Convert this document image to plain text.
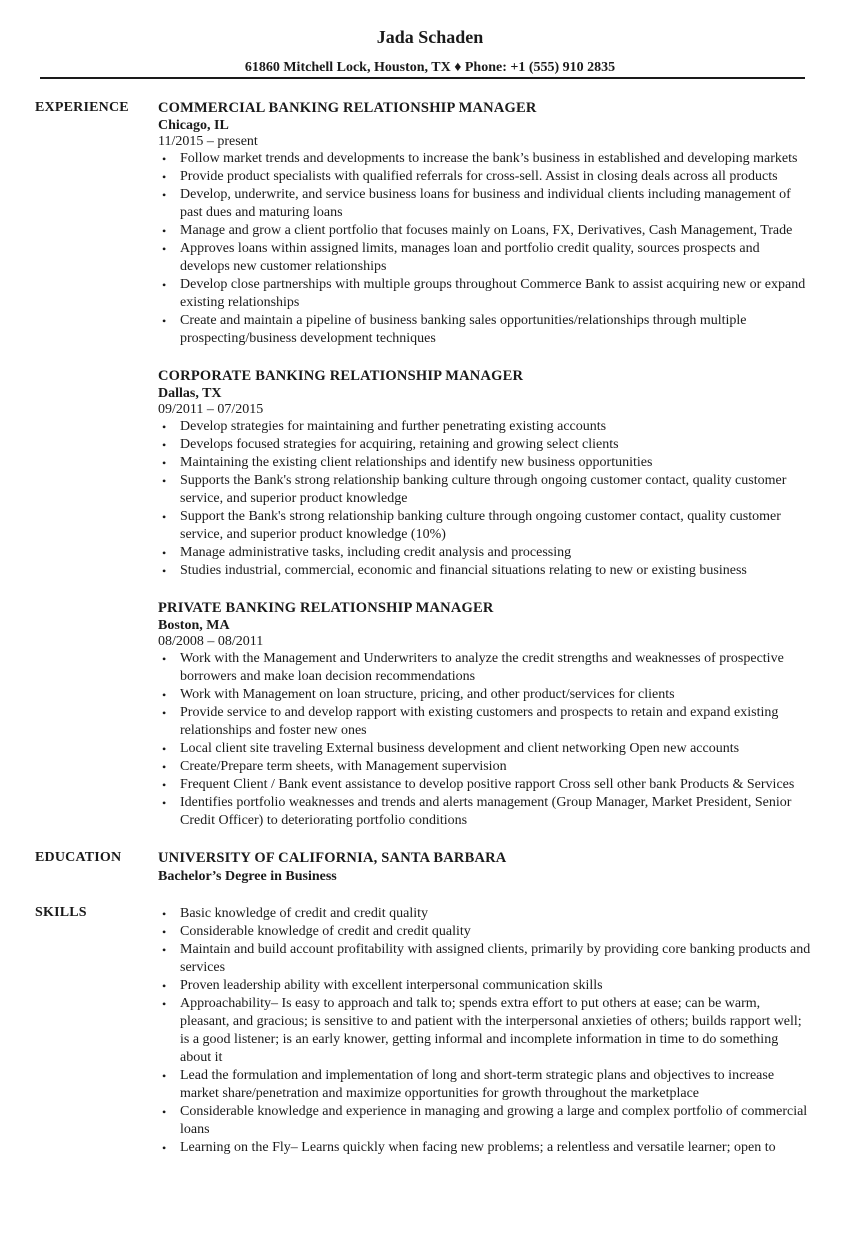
Jada Schaden
61860 Mitchell Lock, Houston, TX ♦ Phone: +1 (555) 910 2835
EXPERIENCE COMMERCIAL BANKING RELATIONSHIP MANAGER
Chicago, IL
11/2015 – present
• Follow market trends and developments to increase the bank’s business in established and developing markets
• Provide product specialists with qualified referrals for cross-sell. Assist in closing deals across all products
• Develop, underwrite, and service business loans for business and individual clients including management of past dues and maturing loans
• Manage and grow a client portfolio that focuses mainly on Loans, FX, Derivatives, Cash Management, Trade
• Approves loans within assigned limits, manages loan and portfolio credit quality, sources prospects and develops new customer relationships
• Develop close partnerships with multiple groups throughout Commerce Bank to assist acquiring new or expand existing relationships
• Create and maintain a pipeline of business banking sales opportunities/relationships through multiple prospecting/business development techniques
CORPORATE BANKING RELATIONSHIP MANAGER
Dallas, TX
09/2011 – 07/2015
• Develop strategies for maintaining and further penetrating existing accounts
• Develops focused strategies for acquiring, retaining and growing select clients
• Maintaining the existing client relationships and identify new business opportunities
• Supports the Bank's strong relationship banking culture through ongoing customer contact, quality customer service, and superior product knowledge
• Support the Bank's strong relationship banking culture through ongoing customer contact, quality customer service, and superior product knowledge (10%)
• Manage administrative tasks, including credit analysis and processing
• Studies industrial, commercial, economic and financial situations relating to new or existing business
PRIVATE BANKING RELATIONSHIP MANAGER
Boston, MA
08/2008 – 08/2011
• Work with the Management and Underwriters to analyze the credit strengths and weaknesses of prospective borrowers and make loan decision recommendations
• Work with Management on loan structure, pricing, and other product/services for clients
• Provide service to and develop rapport with existing customers and prospects to retain and expand existing relationships and foster new ones
• Local client site traveling External business development and client networking Open new accounts
• Create/Prepare term sheets, with Management supervision
• Frequent Client / Bank event assistance to develop positive rapport Cross sell other bank Products & Services
• Identifies portfolio weaknesses and trends and alerts management (Group Manager, Market President, Senior Credit Officer) to deteriorating portfolio conditions
EDUCATION	UNIVERSITY OF CALIFORNIA, SANTA BARBARA
Bachelor’s Degree in Business
SKILLS	• Basic knowledge of credit and credit quality
• Considerable knowledge of credit and credit quality
• Maintain and build account profitability with assigned clients, primarily by providing core banking products and services
• Proven leadership ability with excellent interpersonal communication skills
• Approachability– Is easy to approach and talk to; spends extra effort to put others at ease; can be warm, pleasant, and gracious; is sensitive to and patient with the interpersonal anxieties of others; builds rapport well; is a good listener; is an early knower, getting informal and incomplete information in time to do something about it
• Lead the formulation and implementation of long and short-term strategic plans and objectives to increase market share/penetration and maximize opportunities for growth throughout the marketplace
• Considerable knowledge and experience in managing and growing a large and complex portfolio of commercial loans
• Learning on the Fly– Learns quickly when facing new problems; a relentless and versatile learner; open to
